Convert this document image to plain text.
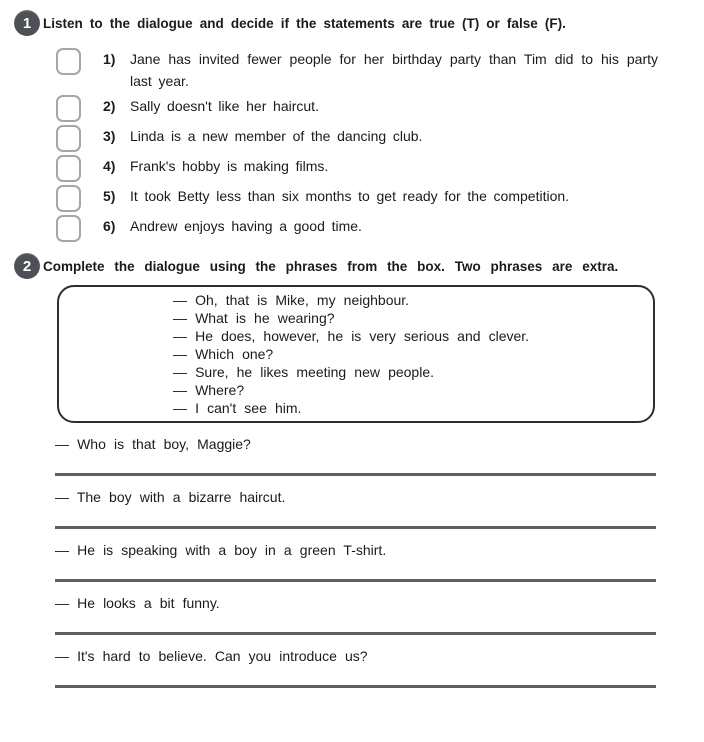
1 Listen to the dialogue and decide if the statements are true (T) or false (F).
1)	Jane has invited fewer people for her birthday party than Tim did to his party last year.
2)	Sally doesn't like her haircut.
3)	Linda is a new member of the dancing club.
4)	Frank's hobby is making films.
5)	It took Betty less than six months to get ready for the competition.
6)	Andrew enjoys having a good time.
2 Complete the dialogue using the phrases from the box. Two phrases are extra.

— Oh, that is Mike, my neighbour.

— What is he wearing?

— He does, however, he is very serious and clever.

— Which one?

— Sure, he likes meeting new people.

— Where?

— I can't see him.

— Who is that boy, Maggie?

— The boy with a bizarre haircut.

— He is speaking with a boy in a green T-shirt.

— He looks a bit funny.

— It's hard to believe. Can you introduce us?
